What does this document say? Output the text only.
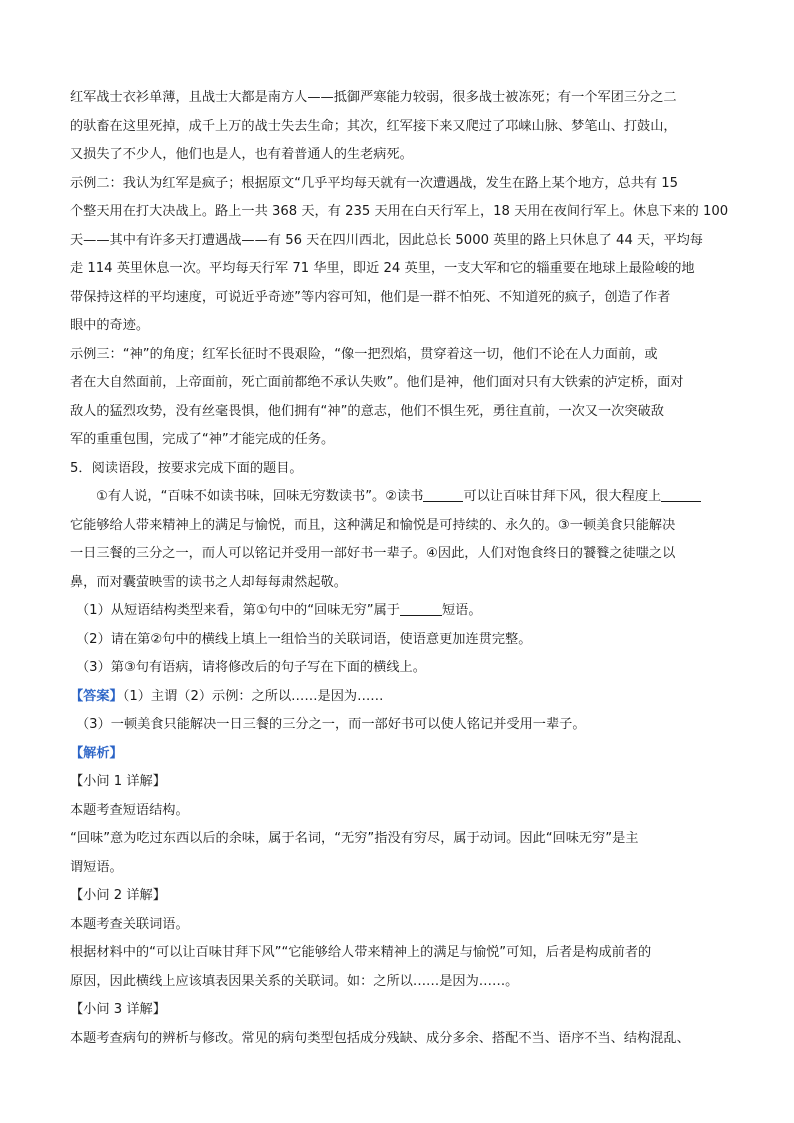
红军战士衣衫单薄，且战士大都是南方人——抵御严寒能力较弱，很多战士被冻死；有一个军团三分之二
的驮畜在这里死掉，成千上万的战士失去生命；其次，红军接下来又爬过了邛崃山脉、梦笔山、打鼓山，
又损失了不少人，他们也是人，也有着普通人的生老病死。
示例二：我认为红军是疯子；根据原文“几乎平均每天就有一次遭遇战，发生在路上某个地方，总共有 15
个整天用在打大决战上。路上一共 368 天，有 235 天用在白天行军上，18 天用在夜间行军上。休息下来的 100
天——其中有许多天打遭遇战——有 56 天在四川西北，因此总长 5000 英里的路上只休息了 44 天，平均每
走 114 英里休息一次。平均每天行军 71 华里，即近 24 英里，一支大军和它的辎重要在地球上最险峻的地
带保持这样的平均速度，可说近乎奇迹”等内容可知，他们是一群不怕死、不知道死的疯子，创造了作者
眼中的奇迹。
示例三：“神”的角度；红军长征时不畏艰险，“像一把烈焰，贯穿着这一切，他们不论在人力面前，或
者在大自然面前，上帝面前，死亡面前都绝不承认失败”。他们是神，他们面对只有大铁索的泸定桥，面对
敌人的猛烈攻势，没有丝毫畏惧，他们拥有“神”的意志，他们不惧生死，勇往直前，一次又一次突破敌
军的重重包围，完成了“神”才能完成的任务。
5．阅读语段，按要求完成下面的题目。
①有人说，“百味不如读书味，回味无穷数读书”。②读书	可以让百味甘拜下风，很大程度上
它能够给人带来精神上的满足与愉悦，而且，这种满足和愉悦是可持续的、永久的。③一顿美食只能解决
一日三餐的三分之一，而人可以铭记并受用一部好书一辈子。④因此，人们对饱食终日的饕餮之徒嗤之以
鼻，而对囊萤映雪的读书之人却每每肃然起敬。
（1）从短语结构类型来看，第①句中的“回味无穷”属于	短语。
（2）请在第②句中的横线上填上一组恰当的关联词语，使语意更加连贯完整。
（3）第③句有语病，请将修改后的句子写在下面的横线上。
【答案】（1）主谓（2）示例：之所以……是因为……
（3）一顿美食只能解决一日三餐的三分之一，而一部好书可以使人铭记并受用一辈子。
【解析】
【小问 1 详解】
本题考查短语结构。
“回味”意为吃过东西以后的余味，属于名词，“无穷”指没有穷尽，属于动词。因此“回味无穷”是主
谓短语。
【小问 2 详解】
本题考查关联词语。
根据材料中的“可以让百味甘拜下风”“它能够给人带来精神上的满足与愉悦”可知，后者是构成前者的
原因，因此横线上应该填表因果关系的关联词。如：之所以……是因为……。
【小问 3 详解】
本题考查病句的辨析与修改。常见的病句类型包括成分残缺、成分多余、搭配不当、语序不当、结构混乱、
